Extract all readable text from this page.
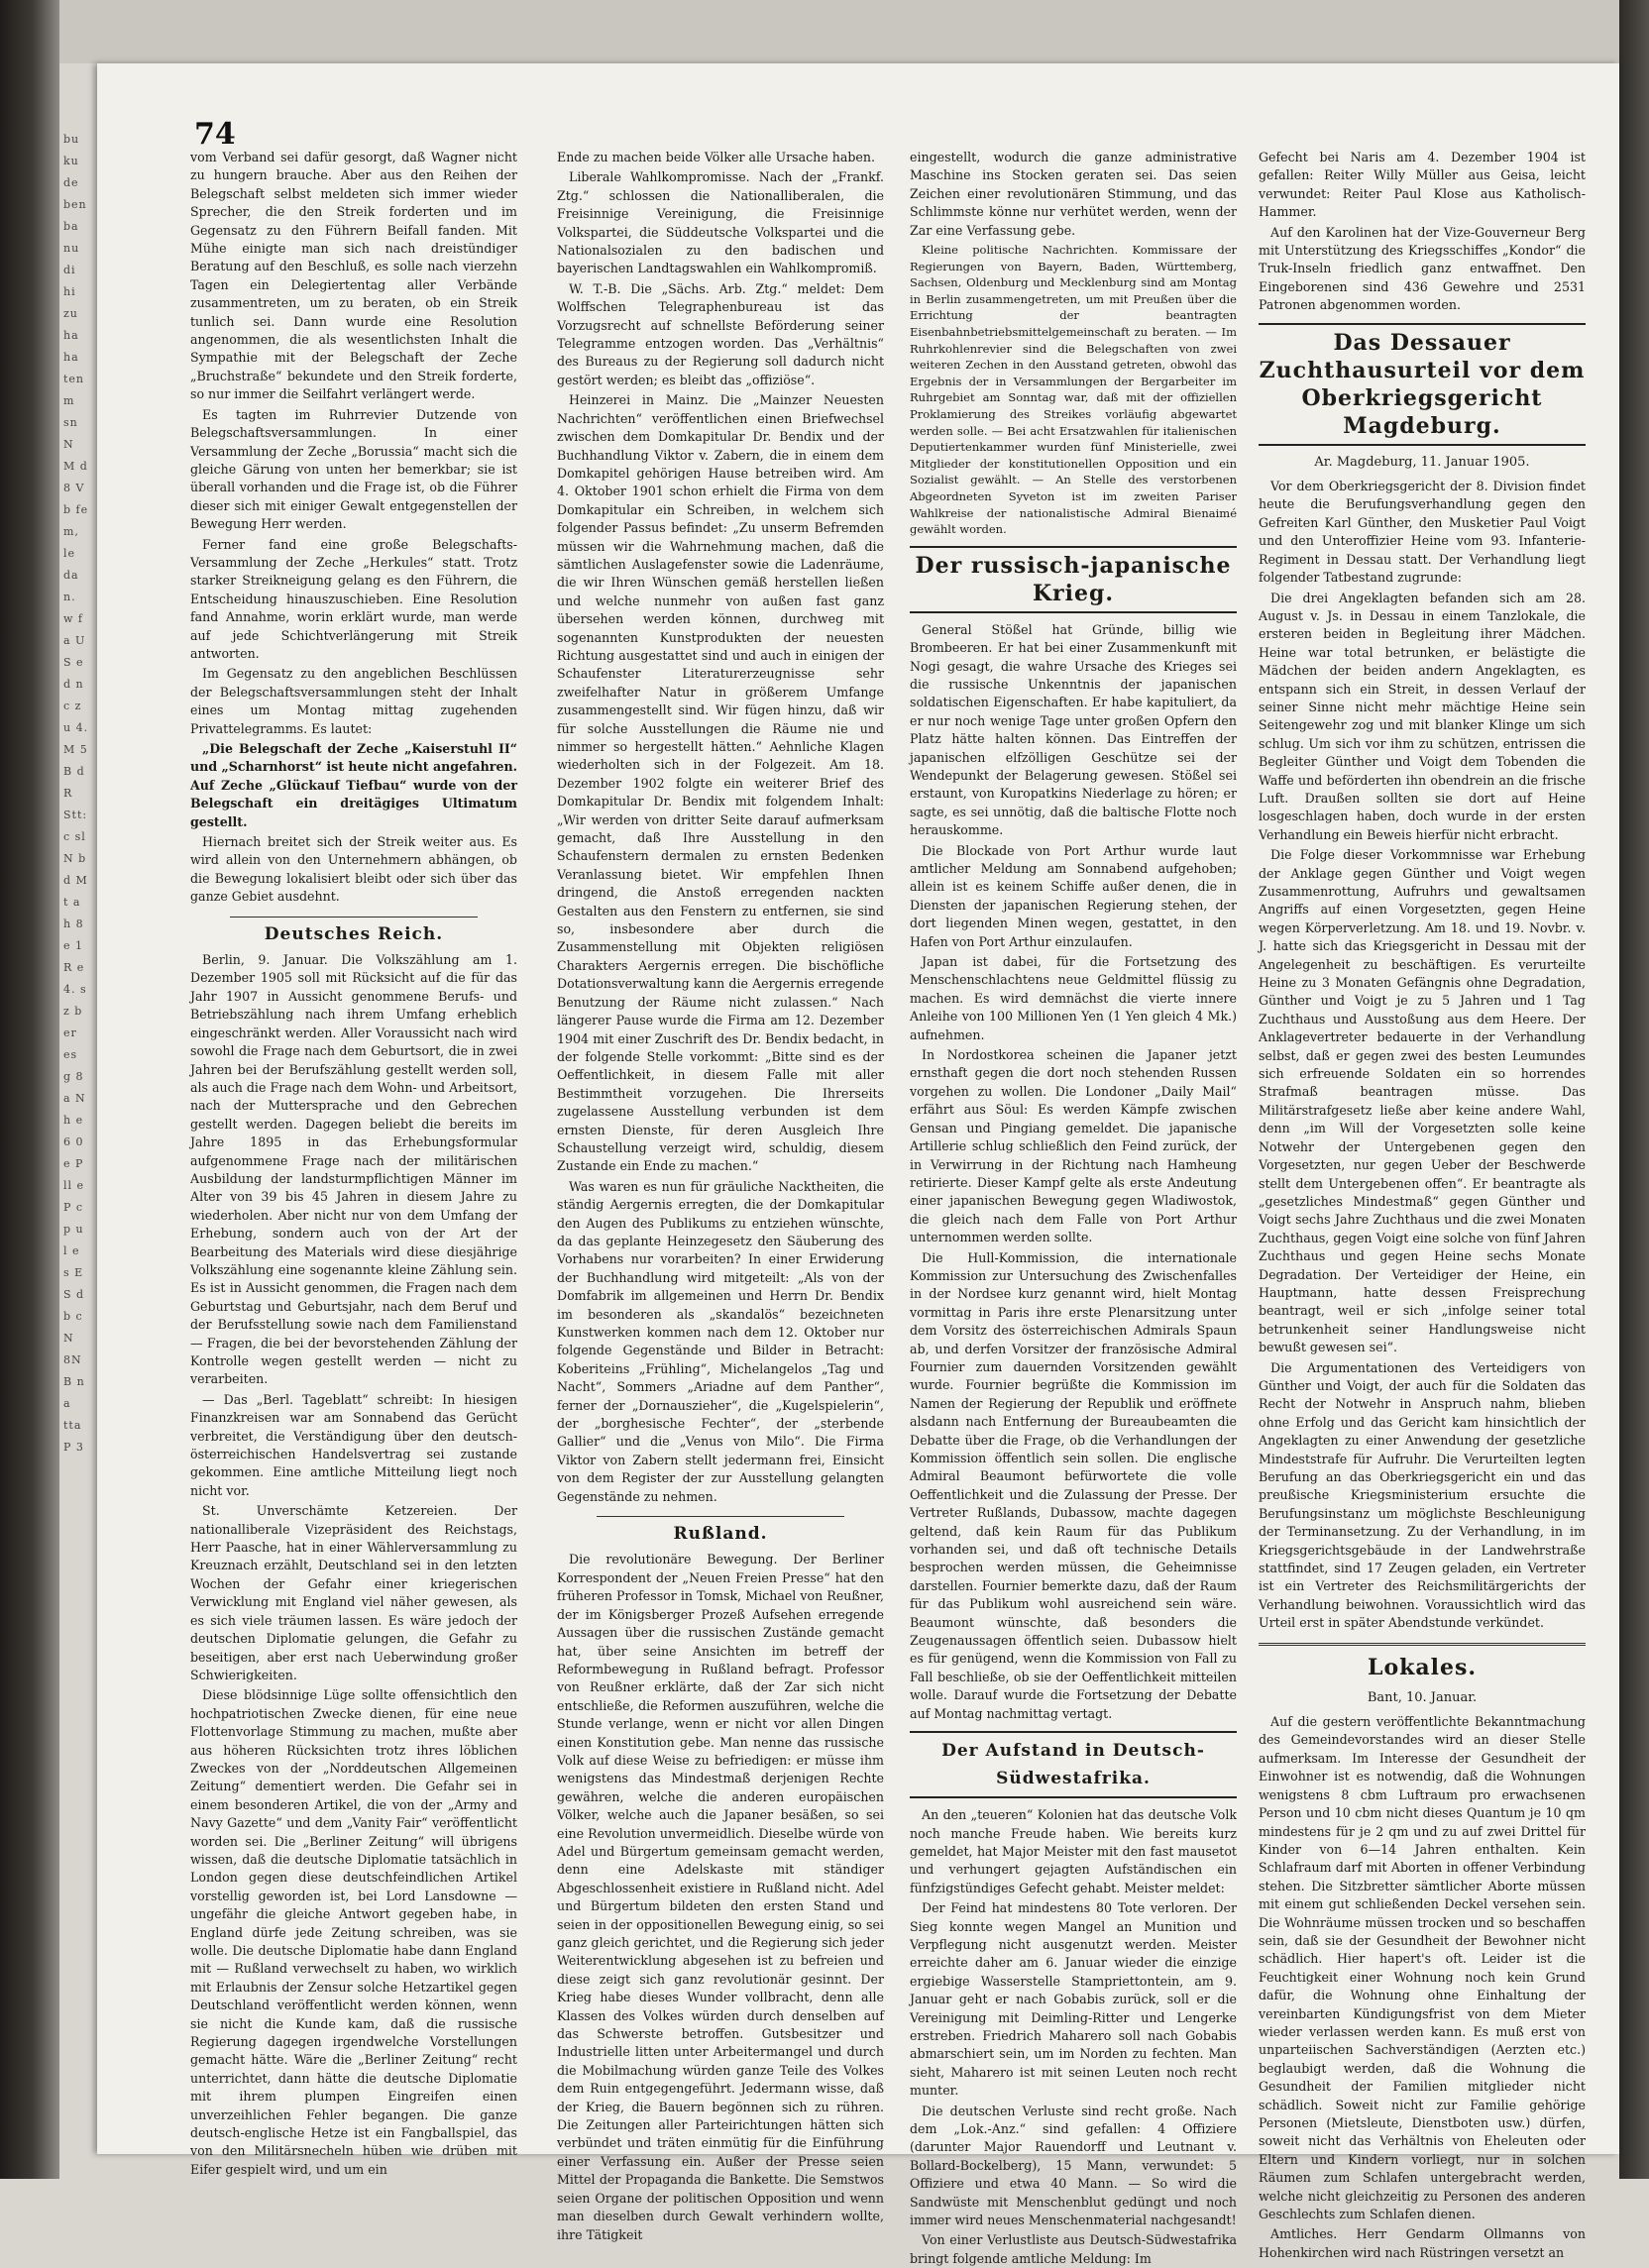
bu ku de ben ba nu di hi zu ha ha ten m sn N M d 8 V b fe m, le da n. w f a U S e d n c z u 4. M 5 B d R Stt: c sl N b d M t a h 8 e 1 R e 4. s z b er es g 8 a N h e 6 0 e P ll e P c p u l e s E S d b c N 8N B n a tta P 3
74

vom Verband sei dafür gesorgt, daß Wagner nicht zu hungern brauche. Aber aus den Reihen der Belegschaft selbst meldeten sich immer wieder Sprecher, die den Streik forderten und im Gegensatz zu den Führern Beifall fanden. Mit Mühe einigte man sich nach dreistündiger Beratung auf den Beschluß, es solle nach vierzehn Tagen ein Delegiertentag aller Verbände zusammentreten, um zu beraten, ob ein Streik tunlich sei. Dann wurde eine Resolution angenommen, die als wesentlichsten Inhalt die Sympathie mit der Belegschaft der Zeche „Bruchstraße“ bekundete und den Streik forderte, so nur immer die Seilfahrt verlängert werde.

Es tagten im Ruhrrevier Dutzende von Belegschaftsversammlungen. In einer Versammlung der Zeche „Borussia“ macht sich die gleiche Gärung von unten her bemerkbar; sie ist überall vorhanden und die Frage ist, ob die Führer dieser sich mit einiger Gewalt entgegenstellen der Bewegung Herr werden.

Ferner fand eine große Belegschafts-Versammlung der Zeche „Herkules“ statt. Trotz starker Streikneigung gelang es den Führern, die Entscheidung hinauszuschieben. Eine Resolution fand Annahme, worin erklärt wurde, man werde auf jede Schichtverlängerung mit Streik antworten.

Im Gegensatz zu den angeblichen Beschlüssen der Belegschaftsversammlungen steht der Inhalt eines um Montag mittag zugehenden Privattelegramms. Es lautet:

„Die Belegschaft der Zeche „Kaiserstuhl II“ und „Scharnhorst“ ist heute nicht angefahren. Auf Zeche „Glückauf Tiefbau“ wurde von der Belegschaft ein dreitägiges Ultimatum gestellt.

Hiernach breitet sich der Streik weiter aus. Es wird allein von den Unternehmern abhängen, ob die Bewegung lokalisiert bleibt oder sich über das ganze Gebiet ausdehnt.

Deutsches Reich.

Berlin, 9. Januar. Die Volkszählung am 1. Dezember 1905 soll mit Rücksicht auf die für das Jahr 1907 in Aussicht genommene Berufs- und Betriebszählung nach ihrem Umfang erheblich eingeschränkt werden. Aller Voraussicht nach wird sowohl die Frage nach dem Geburtsort, die in zwei Jahren bei der Berufszählung gestellt werden soll, als auch die Frage nach dem Wohn- und Arbeitsort, nach der Muttersprache und den Gebrechen gestellt werden. Dagegen beliebt die bereits im Jahre 1895 in das Erhebungsformular aufgenommene Frage nach der militärischen Ausbildung der landsturmpflichtigen Männer im Alter von 39 bis 45 Jahren in diesem Jahre zu wiederholen. Aber nicht nur von dem Umfang der Erhebung, sondern auch von der Art der Bearbeitung des Materials wird diese diesjährige Volkszählung eine sogenannte kleine Zählung sein. Es ist in Aussicht genommen, die Fragen nach dem Geburtstag und Geburtsjahr, nach dem Beruf und der Berufsstellung sowie nach dem Familienstand — Fragen, die bei der bevorstehenden Zählung der Kontrolle wegen gestellt werden — nicht zu verarbeiten.

— Das „Berl. Tageblatt“ schreibt: In hiesigen Finanzkreisen war am Sonnabend das Gerücht verbreitet, die Verständigung über den deutsch-österreichischen Handelsvertrag sei zustande gekommen. Eine amtliche Mitteilung liegt noch nicht vor.

St. Unverschämte Ketzereien. Der nationalliberale Vizepräsident des Reichstags, Herr Paasche, hat in einer Wählerversammlung zu Kreuznach erzählt, Deutschland sei in den letzten Wochen der Gefahr einer kriegerischen Verwicklung mit England viel näher gewesen, als es sich viele träumen lassen. Es wäre jedoch der deutschen Diplomatie gelungen, die Gefahr zu beseitigen, aber erst nach Ueberwindung großer Schwierigkeiten.

Diese blödsinnige Lüge sollte offensichtlich den hochpatriotischen Zwecke dienen, für eine neue Flottenvorlage Stimmung zu machen, mußte aber aus höheren Rücksichten trotz ihres löblichen Zweckes von der „Norddeutschen Allgemeinen Zeitung“ dementiert werden. Die Gefahr sei in einem besonderen Artikel, die von der „Army and Navy Gazette“ und dem „Vanity Fair“ veröffentlicht worden sei. Die „Berliner Zeitung“ will übrigens wissen, daß die deutsche Diplomatie tatsächlich in London gegen diese deutschfeindlichen Artikel vorstellig geworden ist, bei Lord Lansdowne — ungefähr die gleiche Antwort gegeben habe, in England dürfe jede Zeitung schreiben, was sie wolle. Die deutsche Diplomatie habe dann England mit — Rußland verwechselt zu haben, wo wirklich mit Erlaubnis der Zensur solche Hetzartikel gegen Deutschland veröffentlicht werden können, wenn sie nicht die Kunde kam, daß die russische Regierung dagegen irgendwelche Vorstellungen gemacht hätte. Wäre die „Berliner Zeitung“ recht unterrichtet, dann hätte die deutsche Diplomatie mit ihrem plumpen Eingreifen einen unverzeihlichen Fehler begangen. Die ganze deutsch-englische Hetze ist ein Fangballspiel, das von den Militärsnecheln hüben wie drüben mit Eifer gespielt wird, und um ein

Ende zu machen beide Völker alle Ursache haben.

Liberale Wahlkompromisse. Nach der „Frankf. Ztg.“ schlossen die Nationalliberalen, die Freisinnige Vereinigung, die Freisinnige Volkspartei, die Süddeutsche Volkspartei und die Nationalsozialen zu den badischen und bayerischen Landtagswahlen ein Wahlkompromiß.

W. T.-B. Die „Sächs. Arb. Ztg.“ meldet: Dem Wolffschen Telegraphenbureau ist das Vorzugsrecht auf schnellste Beförderung seiner Telegramme entzogen worden. Das „Verhältnis“ des Bureaus zu der Regierung soll dadurch nicht gestört werden; es bleibt das „offiziöse“.

Heinzerei in Mainz. Die „Mainzer Neuesten Nachrichten“ veröffentlichen einen Briefwechsel zwischen dem Domkapitular Dr. Bendix und der Buchhandlung Viktor v. Zabern, die in einem dem Domkapitel gehörigen Hause betreiben wird. Am 4. Oktober 1901 schon erhielt die Firma von dem Domkapitular ein Schreiben, in welchem sich folgender Passus befindet: „Zu unserm Befremden müssen wir die Wahrnehmung machen, daß die sämtlichen Auslagefenster sowie die Ladenräume, die wir Ihren Wünschen gemäß herstellen ließen und welche nunmehr von außen fast ganz übersehen werden können, durchweg mit sogenannten Kunstprodukten der neuesten Richtung ausgestattet sind und auch in einigen der Schaufenster Literaturerzeugnisse sehr zweifelhafter Natur in größerem Umfange zusammengestellt sind. Wir fügen hinzu, daß wir für solche Ausstellungen die Räume nie und nimmer so hergestellt hätten.“ Aehnliche Klagen wiederholten sich in der Folgezeit. Am 18. Dezember 1902 folgte ein weiterer Brief des Domkapitular Dr. Bendix mit folgendem Inhalt: „Wir werden von dritter Seite darauf aufmerksam gemacht, daß Ihre Ausstellung in den Schaufenstern dermalen zu ernsten Bedenken Veranlassung bietet. Wir empfehlen Ihnen dringend, die Anstoß erregenden nackten Gestalten aus den Fenstern zu entfernen, sie sind so, insbesondere aber durch die Zusammenstellung mit Objekten religiösen Charakters Aergernis erregen. Die bischöfliche Dotationsverwaltung kann die Aergernis erregende Benutzung der Räume nicht zulassen.“ Nach längerer Pause wurde die Firma am 12. Dezember 1904 mit einer Zuschrift des Dr. Bendix bedacht, in der folgende Stelle vorkommt: „Bitte sind es der Oeffentlichkeit, in diesem Falle mit aller Bestimmtheit vorzugehen. Die Ihrerseits zugelassene Ausstellung verbunden ist dem ernsten Dienste, für deren Ausgleich Ihre Schaustellung verzeigt wird, schuldig, diesem Zustande ein Ende zu machen.“

Was waren es nun für gräuliche Nacktheiten, die ständig Aergernis erregten, die der Domkapitular den Augen des Publikums zu entziehen wünschte, da das geplante Heinzegesetz den Säuberung des Vorhabens nur vorarbeiten? In einer Erwiderung der Buchhandlung wird mitgeteilt: „Als von der Domfabrik im allgemeinen und Herrn Dr. Bendix im besonderen als „skandalös“ bezeichneten Kunstwerken kommen nach dem 12. Oktober nur folgende Gegenstände und Bilder in Betracht: Koberiteins „Frühling“, Michelangelos „Tag und Nacht“, Sommers „Ariadne auf dem Panther“, ferner der „Dornauszieher“, die „Kugelspielerin“, der „borghesische Fechter“, der „sterbende Gallier“ und die „Venus von Milo“. Die Firma Viktor von Zabern stellt jedermann frei, Einsicht von dem Register der zur Ausstellung gelangten Gegenstände zu nehmen.

Rußland.

Die revolutionäre Bewegung. Der Berliner Korrespondent der „Neuen Freien Presse“ hat den früheren Professor in Tomsk, Michael von Reußner, der im Königsberger Prozeß Aufsehen erregende Aussagen über die russischen Zustände gemacht hat, über seine Ansichten im betreff der Reformbewegung in Rußland befragt. Professor von Reußner erklärte, daß der Zar sich nicht entschließe, die Reformen auszuführen, welche die Stunde verlange, wenn er nicht vor allen Dingen einen Konstitution gebe. Man nenne das russische Volk auf diese Weise zu befriedigen: er müsse ihm wenigstens das Mindestmaß derjenigen Rechte gewähren, welche die anderen europäischen Völker, welche auch die Japaner besäßen, so sei eine Revolution unvermeidlich. Dieselbe würde von Adel und Bürgertum gemeinsam gemacht werden, denn eine Adelskaste mit ständiger Abgeschlossenheit existiere in Rußland nicht. Adel und Bürgertum bildeten den ersten Stand und seien in der oppositionellen Bewegung einig, so sei ganz gleich gerichtet, und die Regierung sich jeder Weiterentwicklung abgesehen ist zu befreien und diese zeigt sich ganz revolutionär gesinnt. Der Krieg habe dieses Wunder vollbracht, denn alle Klassen des Volkes würden durch denselben auf das Schwerste betroffen. Gutsbesitzer und Industrielle litten unter Arbeitermangel und durch die Mobilmachung würden ganze Teile des Volkes dem Ruin entgegengeführt. Jedermann wisse, daß der Krieg, die Bauern begönnen sich zu rühren. Die Zeitungen aller Parteirichtungen hätten sich verbündet und träten einmütig für die Einführung einer Verfassung ein. Außer der Presse seien Mittel der Propaganda die Bankette. Die Semstwos seien Organe der politischen Opposition und wenn man dieselben durch Gewalt verhindern wollte, ihre Tätigkeit

eingestellt, wodurch die ganze administrative Maschine ins Stocken geraten sei. Das seien Zeichen einer revolutionären Stimmung, und das Schlimmste könne nur verhütet werden, wenn der Zar eine Verfassung gebe.

Kleine politische Nachrichten. Kommissare der Regierungen von Bayern, Baden, Württemberg, Sachsen, Oldenburg und Mecklenburg sind am Montag in Berlin zusammengetreten, um mit Preußen über die Errichtung der beantragten Eisenbahnbetriebsmittelgemeinschaft zu beraten. — Im Ruhrkohlenrevier sind die Belegschaften von zwei weiteren Zechen in den Ausstand getreten, obwohl das Ergebnis der in Versammlungen der Bergarbeiter im Ruhrgebiet am Sonntag war, daß mit der offiziellen Proklamierung des Streikes vorläufig abgewartet werden solle. — Bei acht Ersatzwahlen für italienischen Deputiertenkammer wurden fünf Ministerielle, zwei Mitglieder der konstitutionellen Opposition und ein Sozialist gewählt. — An Stelle des verstorbenen Abgeordneten Syveton ist im zweiten Pariser Wahlkreise der nationalistische Admiral Bienaimé gewählt worden.

Der russisch-japanische Krieg.

General Stößel hat Gründe, billig wie Brombeeren. Er hat bei einer Zusammenkunft mit Nogi gesagt, die wahre Ursache des Krieges sei die russische Unkenntnis der japanischen soldatischen Eigenschaften. Er habe kapituliert, da er nur noch wenige Tage unter großen Opfern den Platz hätte halten können. Das Eintreffen der japanischen elfzölligen Geschütze sei der Wendepunkt der Belagerung gewesen. Stößel sei erstaunt, von Kuropatkins Niederlage zu hören; er sagte, es sei unnötig, daß die baltische Flotte noch herauskomme.

Die Blockade von Port Arthur wurde laut amtlicher Meldung am Sonnabend aufgehoben; allein ist es keinem Schiffe außer denen, die in Diensten der japanischen Regierung stehen, der dort liegenden Minen wegen, gestattet, in den Hafen von Port Arthur einzulaufen.

Japan ist dabei, für die Fortsetzung des Menschenschlachtens neue Geldmittel flüssig zu machen. Es wird demnächst die vierte innere Anleihe von 100 Millionen Yen (1 Yen gleich 4 Mk.) aufnehmen.

In Nordostkorea scheinen die Japaner jetzt ernsthaft gegen die dort noch stehenden Russen vorgehen zu wollen. Die Londoner „Daily Mail“ erfährt aus Söul: Es werden Kämpfe zwischen Gensan und Pingiang gemeldet. Die japanische Artillerie schlug schließlich den Feind zurück, der in Verwirrung in der Richtung nach Hamheung retirierte. Dieser Kampf gelte als erste Andeutung einer japanischen Bewegung gegen Wladiwostok, die gleich nach dem Falle von Port Arthur unternommen werden sollte.

Die Hull-Kommission, die internationale Kommission zur Untersuchung des Zwischenfalles in der Nordsee kurz genannt wird, hielt Montag vormittag in Paris ihre erste Plenarsitzung unter dem Vorsitz des österreichischen Admirals Spaun ab, und derfen Vorsitzer der französische Admiral Fournier zum dauernden Vorsitzenden gewählt wurde. Fournier begrüßte die Kommission im Namen der Regierung der Republik und eröffnete alsdann nach Entfernung der Bureaubeamten die Debatte über die Frage, ob die Verhandlungen der Kommission öffentlich sein sollen. Die englische Admiral Beaumont befürwortete die volle Oeffentlichkeit und die Zulassung der Presse. Der Vertreter Rußlands, Dubassow, machte dagegen geltend, daß kein Raum für das Publikum vorhanden sei, und daß oft technische Details besprochen werden müssen, die Geheimnisse darstellen. Fournier bemerkte dazu, daß der Raum für das Publikum wohl ausreichend sein wäre. Beaumont wünschte, daß besonders die Zeugenaussagen öffentlich seien. Dubassow hielt es für genügend, wenn die Kommission von Fall zu Fall beschließe, ob sie der Oeffentlichkeit mitteilen wolle. Darauf wurde die Fortsetzung der Debatte auf Montag nachmittag vertagt.

Der Aufstand in Deutsch-Südwestafrika.

An den „teueren“ Kolonien hat das deutsche Volk noch manche Freude haben. Wie bereits kurz gemeldet, hat Major Meister mit den fast mausetot und verhungert gejagten Aufständischen ein fünfzigstündiges Gefecht gehabt. Meister meldet:

Der Feind hat mindestens 80 Tote verloren. Der Sieg konnte wegen Mangel an Munition und Verpflegung nicht ausgenutzt werden. Meister erreichte daher am 6. Januar wieder die einzige ergiebige Wasserstelle Stampriettontein, am 9. Januar geht er nach Gobabis zurück, soll er die Vereinigung mit Deimling-Ritter und Lengerke erstreben. Friedrich Maharero soll nach Gobabis abmarschiert sein, um im Norden zu fechten. Man sieht, Maharero ist mit seinen Leuten noch recht munter.

Die deutschen Verluste sind recht große. Nach dem „Lok.-Anz.“ sind gefallen: 4 Offiziere (darunter Major Rauendorff und Leutnant v. Bollard-Bockelberg), 15 Mann, verwundet: 5 Offiziere und etwa 40 Mann. — So wird die Sandwüste mit Menschenblut gedüngt und noch immer wird neues Menschenmaterial nachgesandt!

Von einer Verlustliste aus Deutsch-Südwestafrika bringt folgende amtliche Meldung: Im

Gefecht bei Naris am 4. Dezember 1904 ist gefallen: Reiter Willy Müller aus Geisa, leicht verwundet: Reiter Paul Klose aus Katholisch-Hammer.

Auf den Karolinen hat der Vize-Gouverneur Berg mit Unterstützung des Kriegsschiffes „Kondor“ die Truk-Inseln friedlich ganz entwaffnet. Den Eingeborenen sind 436 Gewehre und 2531 Patronen abgenommen worden.

Das Dessauer Zuchthausurteil vor dem Oberkriegsgericht Magdeburg.
Ar. Magdeburg, 11. Januar 1905.

Vor dem Oberkriegsgericht der 8. Division findet heute die Berufungsverhandlung gegen den Gefreiten Karl Günther, den Musketier Paul Voigt und den Unteroffizier Heine vom 93. Infanterie-Regiment in Dessau statt. Der Verhandlung liegt folgender Tatbestand zugrunde:

Die drei Angeklagten befanden sich am 28. August v. Js. in Dessau in einem Tanzlokale, die ersteren beiden in Begleitung ihrer Mädchen. Heine war total betrunken, er belästigte die Mädchen der beiden andern Angeklagten, es entspann sich ein Streit, in dessen Verlauf der seiner Sinne nicht mehr mächtige Heine sein Seitengewehr zog und mit blanker Klinge um sich schlug. Um sich vor ihm zu schützen, entrissen die Begleiter Günther und Voigt dem Tobenden die Waffe und beförderten ihn obendrein an die frische Luft. Draußen sollten sie dort auf Heine losgeschlagen haben, doch wurde in der ersten Verhandlung ein Beweis hierfür nicht erbracht.

Die Folge dieser Vorkommnisse war Erhebung der Anklage gegen Günther und Voigt wegen Zusammenrottung, Aufruhrs und gewaltsamen Angriffs auf einen Vorgesetzten, gegen Heine wegen Körperverletzung. Am 18. und 19. Novbr. v. J. hatte sich das Kriegsgericht in Dessau mit der Angelegenheit zu beschäftigen. Es verurteilte Heine zu 3 Monaten Gefängnis ohne Degradation, Günther und Voigt je zu 5 Jahren und 1 Tag Zuchthaus und Ausstoßung aus dem Heere. Der Anklagevertreter bedauerte in der Verhandlung selbst, daß er gegen zwei des besten Leumundes sich erfreuende Soldaten ein so horrendes Strafmaß beantragen müsse. Das Militärstrafgesetz ließe aber keine andere Wahl, denn „im Will der Vorgesetzten solle keine Notwehr der Untergebenen gegen den Vorgesetzten, nur gegen Ueber der Beschwerde stellt dem Untergebenen offen“. Er beantragte als „gesetzliches Mindestmaß“ gegen Günther und Voigt sechs Jahre Zuchthaus und die zwei Monaten Zuchthaus, gegen Voigt eine solche von fünf Jahren Zuchthaus und gegen Heine sechs Monate Degradation. Der Verteidiger der Heine, ein Hauptmann, hatte dessen Freisprechung beantragt, weil er sich „infolge seiner total betrunkenheit seiner Handlungsweise nicht bewußt gewesen sei“.

Die Argumentationen des Verteidigers von Günther und Voigt, der auch für die Soldaten das Recht der Notwehr in Anspruch nahm, blieben ohne Erfolg und das Gericht kam hinsichtlich der Angeklagten zu einer Anwendung der gesetzliche Mindeststrafe für Aufruhr. Die Verurteilten legten Berufung an das Oberkriegsgericht ein und das preußische Kriegsministerium ersuchte die Berufungsinstanz um möglichste Beschleunigung der Terminansetzung. Zu der Verhandlung, in im Kriegsgerichtsgebäude in der Landwehrstraße stattfindet, sind 17 Zeugen geladen, ein Vertreter ist ein Vertreter des Reichsmilitärgerichts der Verhandlung beiwohnen. Voraussichtlich wird das Urteil erst in später Abendstunde verkündet.

Lokales.
Bant, 10. Januar.

Auf die gestern veröffentlichte Bekanntmachung des Gemeindevorstandes wird an dieser Stelle aufmerksam. Im Interesse der Gesundheit der Einwohner ist es notwendig, daß die Wohnungen wenigstens 8 cbm Luftraum pro erwachsenen Person und 10 cbm nicht dieses Quantum je 10 qm mindestens für je 2 qm und zu auf zwei Drittel für Kinder von 6—14 Jahren enthalten. Kein Schlafraum darf mit Aborten in offener Verbindung stehen. Die Sitzbretter sämtlicher Aborte müssen mit einem gut schließenden Deckel versehen sein. Die Wohnräume müssen trocken und so beschaffen sein, daß sie der Gesundheit der Bewohner nicht schädlich. Hier hapert's oft. Leider ist die Feuchtigkeit einer Wohnung noch kein Grund dafür, die Wohnung ohne Einhaltung der vereinbarten Kündigungsfrist von dem Mieter wieder verlassen werden kann. Es muß erst von unparteiischen Sachverständigen (Aerzten etc.) beglaubigt werden, daß die Wohnung die Gesundheit der Familien mitglieder nicht schädlich. Soweit nicht zur Familie gehörige Personen (Mietsleute, Dienstboten usw.) dürfen, soweit nicht das Verhältnis von Eheleuten oder Eltern und Kindern vorliegt, nur in solchen Räumen zum Schlafen untergebracht werden, welche nicht gleichzeitig zu Personen des anderen Geschlechts zum Schlafen dienen.

Amtliches. Herr Gendarm Ollmanns von Hohenkirchen wird nach Rüstringen versetzt an
